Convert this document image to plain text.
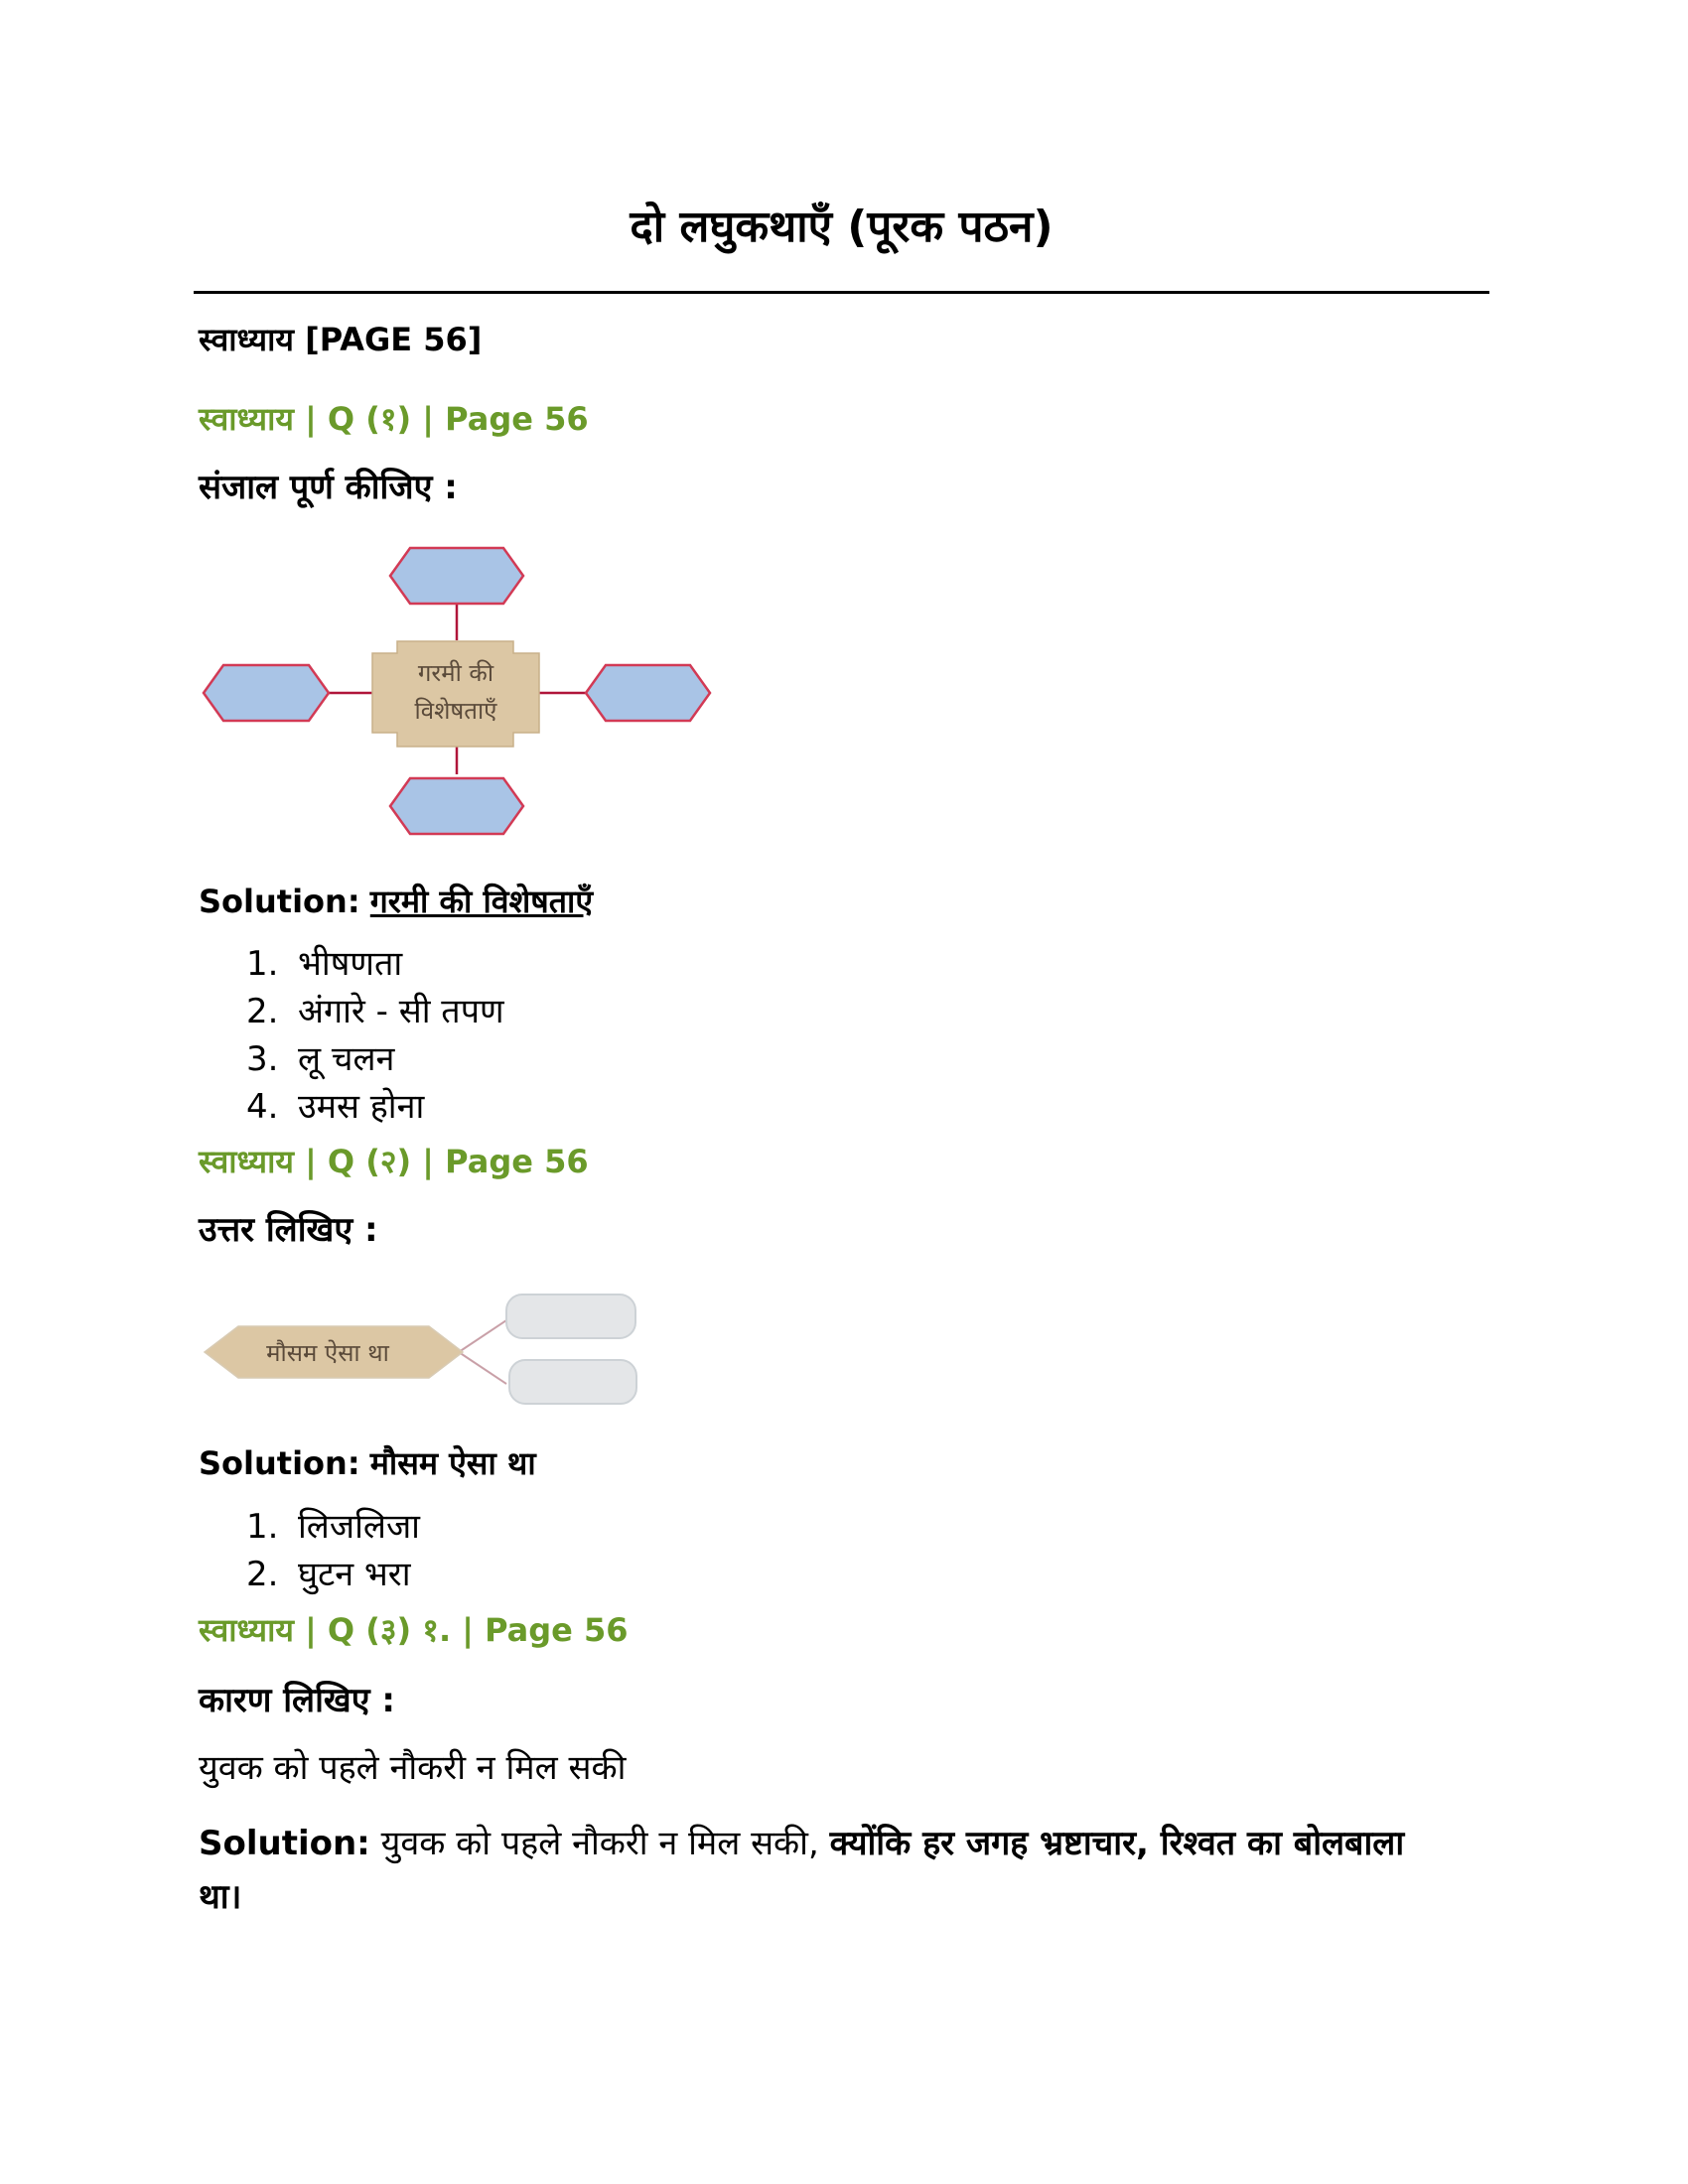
दो लघुकथाएँ (पूरक पठन)
स्वाध्याय [PAGE 56]
स्वाध्याय | Q (१) | Page 56
संजाल पूर्ण कीजिए :
गरमी की
विशेषताएँ
Solution: गरमी की विशेषताएँ
1. भीषणता
2. अंगारे - सी तपण
3. लू चलन
4. उमस होना
स्वाध्याय | Q (२) | Page 56
उत्तर लिखिए :
मौसम ऐसा था
Solution: मौसम ऐसा था
1. लिजलिजा
2. घुटन भरा
स्वाध्याय | Q (३) १. | Page 56
कारण लिखिए :
युवक को पहले नौकरी न मिल सकी
Solution: युवक को पहले नौकरी न मिल सकी, क्योंकि हर जगह भ्रष्टाचार, रिश्वत का बोलबाला था।
